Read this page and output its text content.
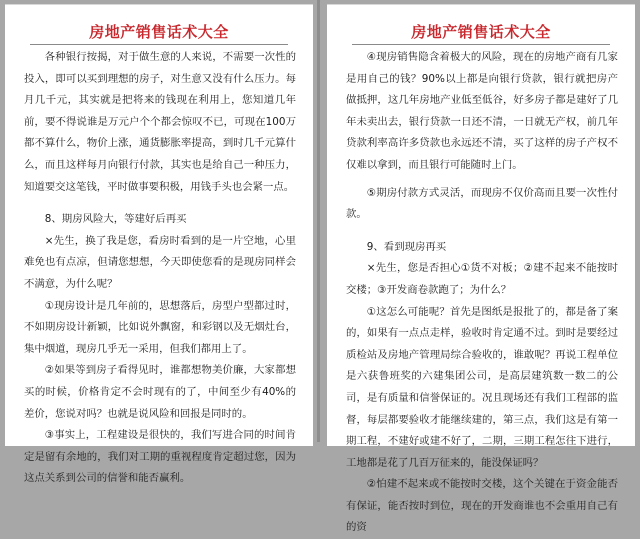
房地产销售话术大全

各种银行按揭，对于做生意的人来说，不需要一次性的投入，即可以买到理想的房子，对生意又没有什么压力。每月几千元，其实就是把将来的钱现在利用上，您知道几年前，要不得说谁是万元户个个都会惊叹不已，可现在100万都不算什么，物价上涨，通货膨胀率提高，到时几千元算什么，而且这样每月向银行付款，其实也是给自己一种压力，知道要交这笔钱，平时做事要积极，用钱手头也会紧一点。

8、期房风险大，等建好后再买

×先生，换了我是您，看房时看到的是一片空地，心里难免也有点凉，但请您想想，今天即使您看的是现房同样会不满意，为什么呢？

①现房设计是几年前的，思想落后，房型户型都过时，不如期房设计新颖，比如说外飘窗，和彩钢以及无烟灶台，集中烟道，现房几乎无一采用，但我们都用上了。

②如果等到房子看得见时，谁都想物美价廉，大家都想买的时候，价格肯定不会时现有的了，中间至少有40%的差价，您说对吗？也就是说风险和回报是同时的。

③事实上，工程建设是很快的，我们写进合同的时间肯定是留有余地的，我们对工期的重视程度肯定超过您，因为这点关系到公司的信誉和能否赢利。

房地产销售话术大全

④现房销售隐含着极大的风险，现在的房地产商有几家是用自己的钱？90%以上都是向银行贷款，银行就把房产做抵押，这几年房地产业低至低谷，好多房子都是建好了几年未卖出去，银行贷款一日还不清，一日就无产权，前几年贷款利率高许多贷款也永远还不清，买了这样的房子产权不仅难以拿到，而且银行可能随时上门。

⑤期房付款方式灵活，而现房不仅价高而且要一次性付款。

9、看到现房再买

×先生，您是否担心①货不对板；②建不起来不能按时交楼；③开发商卷款跑了；为什么？

①这怎么可能呢？首先是图纸是报批了的，都是备了案的，如果有一点点走样，验收时肯定通不过。到时是要经过质检站及房地产管理局综合验收的，谁敢呢？再说工程单位是六获鲁班奖的六建集团公司，是高层建筑数一数二的公司，是有质量和信誉保证的。况且现场还有我们工程部的监督，每层都要验收才能继续建的，第三点，我们这是有第一期工程，不建好或建不好了，二期，三期工程怎往下进行，工地都是花了几百万征来的，能没保证吗？

②怕建不起来或不能按时交楼，这个关键在于资金能否有保证，能否按时到位，现在的开发商谁也不会重用自己有的资
